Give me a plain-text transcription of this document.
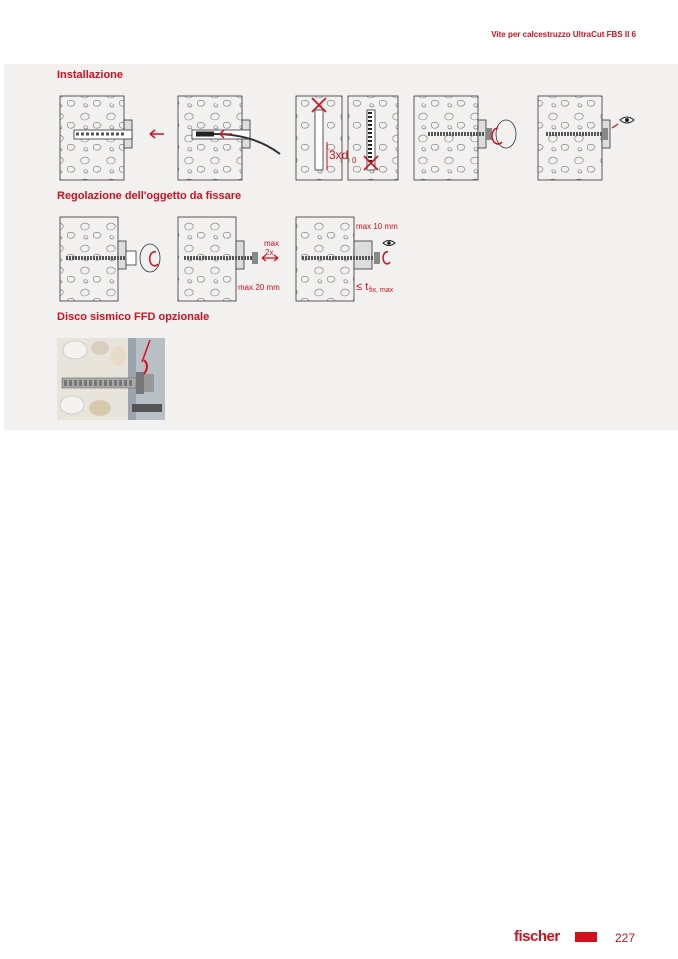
Vite per calcestruzzo UltraCut FBS II 6
Installazione
Regolazione dell'oggetto da fissare
Disco sismico FFD opzionale
3xd 0
max
2x
max 20 mm
max 10 mm
≤ t fix, max
fischer	227
